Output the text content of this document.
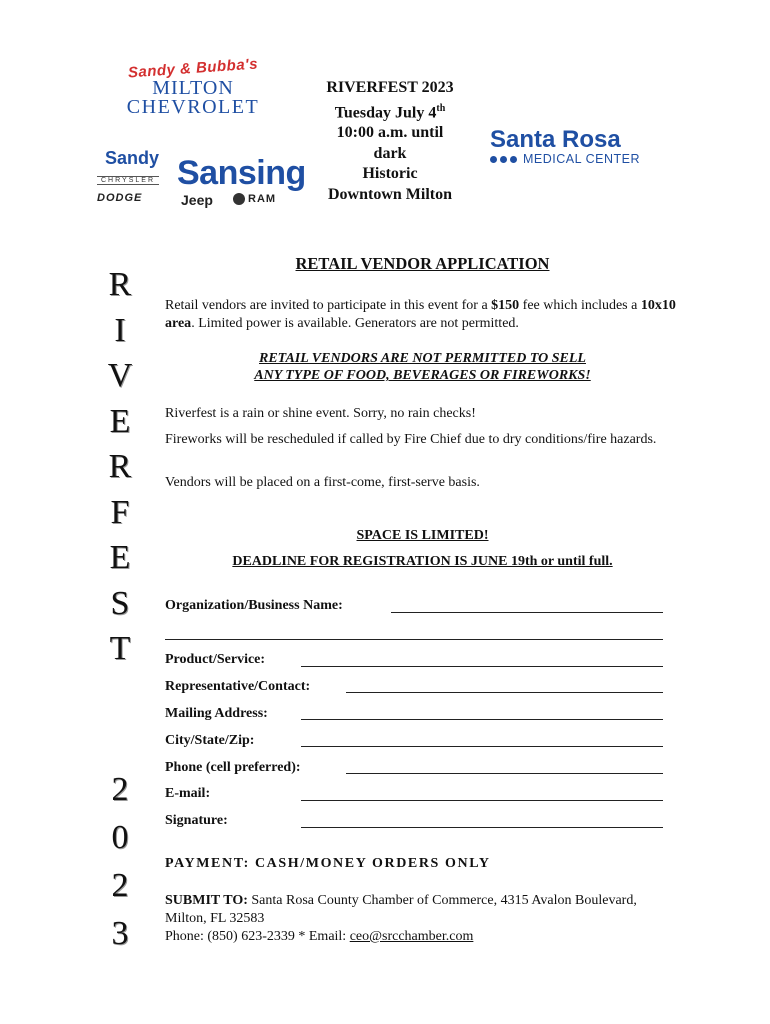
Sandy & Bubba's
MILTON
CHEVROLET
Sandy Sansing
CHRYSLER
DODGE	Jeep	RAM
Santa Rosa
MEDICAL CENTER
RIVERFEST 2023
Tuesday July 4th
10:00 a.m. until
dark
Historic
Downtown Milton
R
I
V
E
R
F
E
S
T
2
0
2
3
RETAIL VENDOR APPLICATION
Retail vendors are invited to participate in this event for a $150 fee which includes a 10x10 area. Limited power is available. Generators are not permitted.
RETAIL VENDORS ARE NOT PERMITTED TO SELL
ANY TYPE OF FOOD, BEVERAGES OR FIREWORKS!
Riverfest is a rain or shine event. Sorry, no rain checks!
Fireworks will be rescheduled if called by Fire Chief due to dry conditions/fire hazards.
Vendors will be placed on a first-come, first-serve basis.
SPACE IS LIMITED!
DEADLINE FOR REGISTRATION IS JUNE 19th or until full.
Organization/Business Name:
Product/Service:
Representative/Contact:
Mailing Address:
City/State/Zip:
Phone (cell preferred):
E-mail:
Signature:
PAYMENT: CASH/MONEY ORDERS ONLY
SUBMIT TO: Santa Rosa County Chamber of Commerce, 4315 Avalon Boulevard,
Milton, FL 32583
Phone: (850) 623-2339 * Email: ceo@srcchamber.com
